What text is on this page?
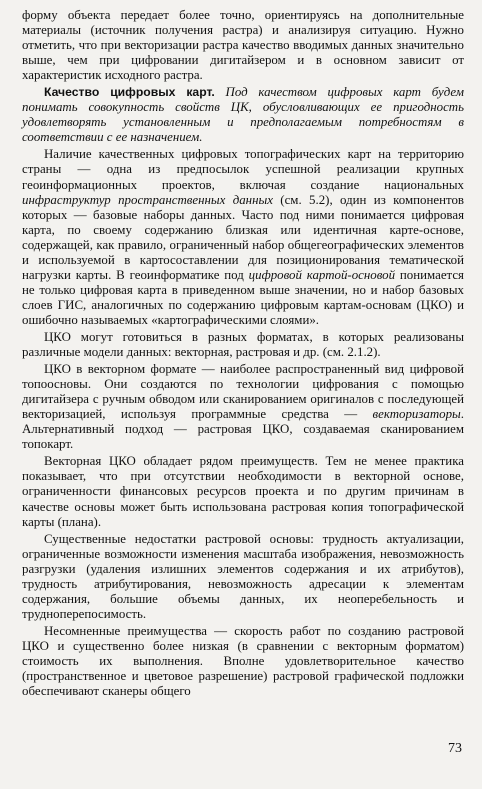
форму объекта передает более точно, ориентируясь на дополнительные материалы (источник получения растра) и анализируя ситуацию. Нужно отметить, что при векторизации растра качество вводимых данных значительно выше, чем при цифровании дигитайзером и в основном зависит от характеристик исходного растра.

Качество цифровых карт. Под качеством цифровых карт будем понимать совокупность свойств ЦК, обусловливающих ее пригодность удовлетворять установленным и предполагаемым потребностям в соответствии с ее назначением.

Наличие качественных цифровых топографических карт на территорию страны — одна из предпосылок успешной реализации крупных геоинформационных проектов, включая создание национальных инфраструктур пространственных данных (см. 5.2), один из компонентов которых — базовые наборы данных. Часто под ними понимается цифровая карта, по своему содержанию близкая или идентичная карте-основе, содержащей, как правило, ограниченный набор общегеографических элементов и используемой в картосоставлении для позиционирования тематической нагрузки карты. В геоинформатике под цифровой картой-основой понимается не только цифровая карта в приведенном выше значении, но и набор базовых слоев ГИС, аналогичных по содержанию цифровым картам-основам (ЦКО) и ошибочно называемых «картографическими слоями».

ЦКО могут готовиться в разных форматах, в которых реализованы различные модели данных: векторная, растровая и др. (см. 2.1.2).

ЦКО в векторном формате — наиболее распространенный вид цифровой топоосновы. Они создаются по технологии цифрования с помощью дигитайзера с ручным обводом или сканированием оригиналов с последующей векторизацией, используя программные средства — векторизаторы. Альтернативный подход — растровая ЦКО, создаваемая сканированием топокарт.

Векторная ЦКО обладает рядом преимуществ. Тем не менее практика показывает, что при отсутствии необходимости в векторной основе, ограниченности финансовых ресурсов проекта и по другим причинам в качестве основы может быть использована растровая копия топографической карты (плана).

Существенные недостатки растровой основы: трудность актуализации, ограниченные возможности изменения масштаба изображения, невозможность разгрузки (удаления излишних элементов содержания и их атрибутов), трудность атрибутирования, невозможность адресации к элементам содержания, большие объемы данных, их неоперебельность и трудноперепосимость.

Несомненные преимущества — скорость работ по созданию растровой ЦКО и существенно более низкая (в сравнении с векторным форматом) стоимость их выполнения. Вполне удовлетворительное качество (пространственное и цветовое разрешение) растровой графической подложки обеспечивают сканеры общего

73
